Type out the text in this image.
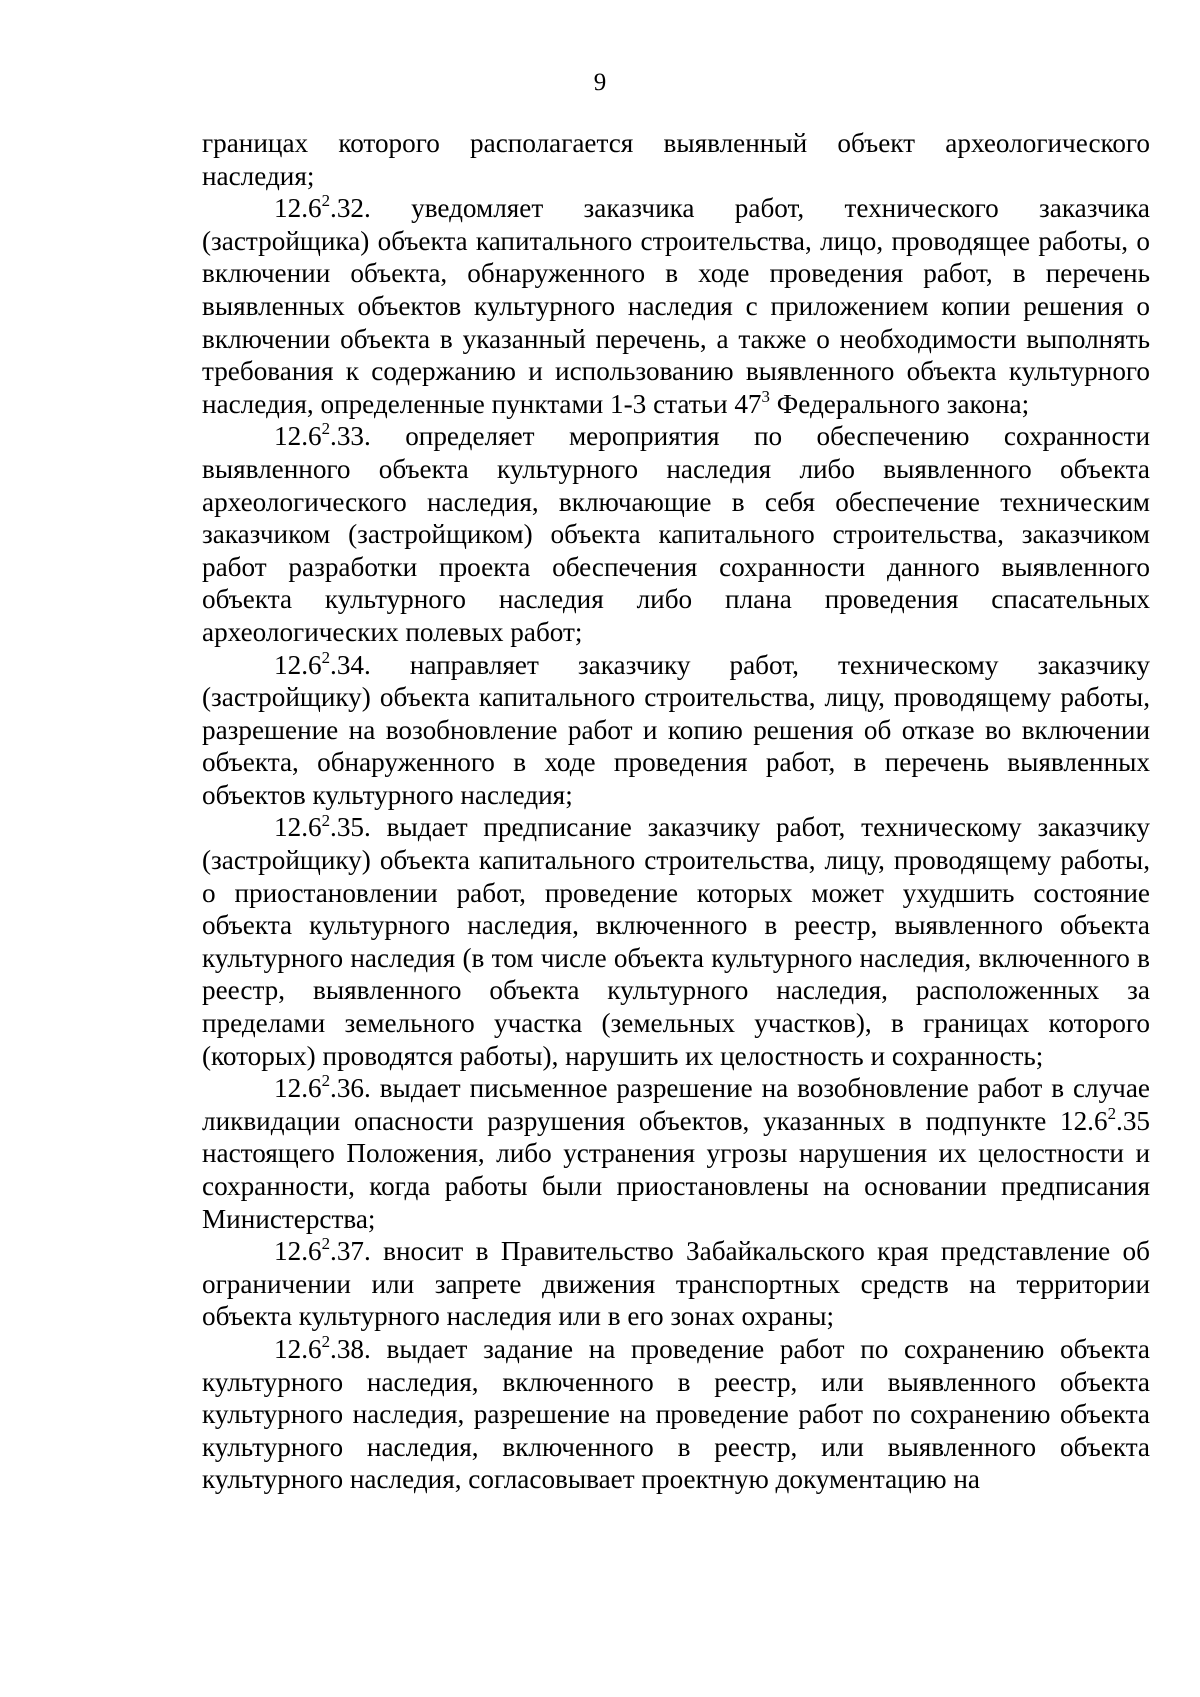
9

границах которого располагается выявленный объект археологического наследия;

12.6$^2$.32. уведомляет заказчика работ, технического заказчика (застройщика) объекта капитального строительства, лицо, проводящее работы, о включении объекта, обнаруженного в ходе проведения работ, в перечень выявленных объектов культурного наследия с приложением копии решения о включении объекта в указанный перечень, а также о необходимости выполнять требования к содержанию и использованию выявленного объекта культурного наследия, определенные пунктами 1-3 статьи $47^3$ Федерального закона;

12.6$^2$.33. определяет мероприятия по обеспечению сохранности выявленного объекта культурного наследия либо выявленного объекта археологического наследия, включающие в себя обеспечение техническим заказчиком (застройщиком) объекта капитального строительства, заказчиком работ разработки проекта обеспечения сохранности данного выявленного объекта культурного наследия либо плана проведения спасательных археологических полевых работ;

12.6$^2$.34. направляет заказчику работ, техническому заказчику (застройщику) объекта капитального строительства, лицу, проводящему работы, разрешение на возобновление работ и копию решения об отказе во включении объекта, обнаруженного в ходе проведения работ, в перечень выявленных объектов культурного наследия;

12.6$^2$.35. выдает предписание заказчику работ, техническому заказчику (застройщику) объекта капитального строительства, лицу, проводящему работы, о приостановлении работ, проведение которых может ухудшить состояние объекта культурного наследия, включенного в реестр, выявленного объекта культурного наследия (в том числе объекта культурного наследия, включенного в реестр, выявленного объекта культурного наследия, расположенных за пределами земельного участка (земельных участков), в границах которого (которых) проводятся работы), нарушить их целостность и сохранность;

12.6$^2$.36. выдает письменное разрешение на возобновление работ в случае ликвидации опасности разрушения объектов, указанных в подпункте 12.6$^2$.35 настоящего Положения, либо устранения угрозы нарушения их целостности и сохранности, когда работы были приостановлены на основании предписания Министерства;

12.6$^2$.37. вносит в Правительство Забайкальского края представление об ограничении или запрете движения транспортных средств на территории объекта культурного наследия или в его зонах охраны;

12.6$^2$.38. выдает задание на проведение работ по сохранению объекта культурного наследия, включенного в реестр, или выявленного объекта культурного наследия, разрешение на проведение работ по сохранению объекта культурного наследия, включенного в реестр, или выявленного объекта культурного наследия, согласовывает проектную документацию на
